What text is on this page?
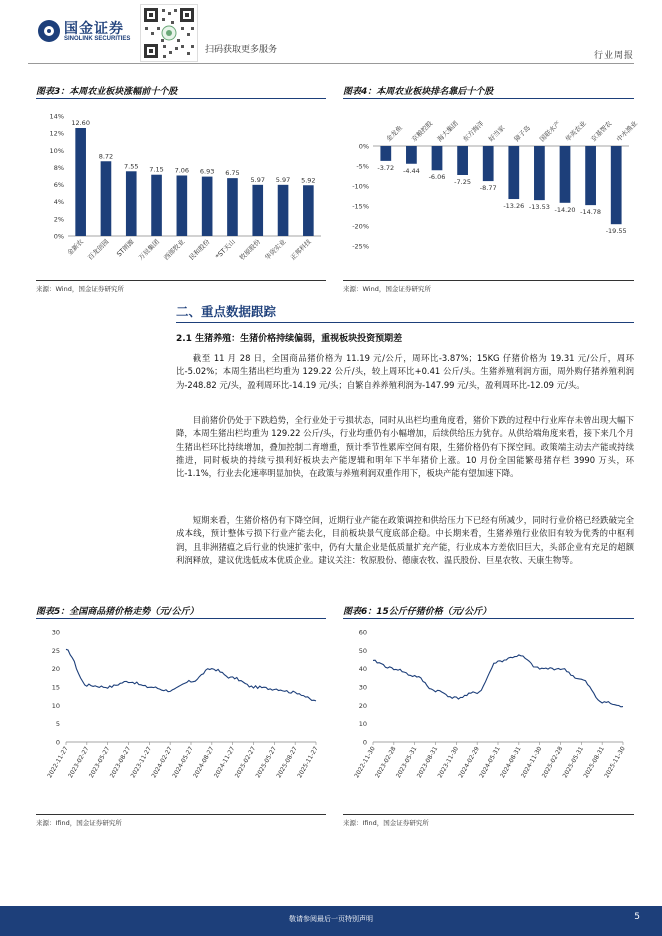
国金证券
SINOLINK SECURITIES
扫码获取更多服务
行业周报
图表3：本周农业板块涨幅前十个股
0%
2%
4%
6%
8%
10%
12%
14%
12.60
金新农
8.72
百龙创园
7.55
ST朗源
7.15
万辰集团
7.06
西部牧业
6.93
民和股份
6.75
*ST天山
5.97
牧原股份
5.97
华资实业
5.92
正邦科技
来源：Wind，国金证券研究所
图表4：本周农业板块排名靠后十个股
0%
-5%
-10%
-15%
-20%
-25%
-3.72
金龙鱼
-4.44
京粮控股
-6.06
海大集团
-7.25
东方海洋
-8.77
好当家
-13.26
獐子岛
-13.53
国联水产
-14.20
华英农业
-14.78
京基智农
-19.55
中水渔业
来源：Wind，国金证券研究所
二、重点数据跟踪
2.1 生猪养殖：生猪价格持续偏弱，重视板块投资预期差
截至 11 月 28 日，全国商品猪价格为 11.19 元/公斤，周环比-3.87%；15KG 仔猪价格为 19.31 元/公斤，周环比-5.02%；本周生猪出栏均重为 129.22 公斤/头，较上周环比+0.41 公斤/头。生猪养殖利润方面，周外购仔猪养殖利润为-248.82 元/头，盈利周环比-14.19 元/头；自繁自养养殖利润为-147.99 元/头，盈利周环比-12.09 元/头。
目前猪价仍处于下跌趋势，全行业处于亏损状态，同时从出栏均重角度看，猪价下跌的过程中行业库存未曾出现大幅下降，本周生猪出栏均重为 129.22 公斤/头，行业均重仍有小幅增加，后续供给压力犹存。从供给端角度来看，接下来几个月生猪出栏环比持续增加，叠加控制二育增重，预计季节性累库空间有限，生猪价格仍有下探空间。政策端主动去产能或持续推进，同时板块的持续亏损利好板块去产能逻辑和明年下半年猪价上涨。10 月份全国能繁母猪存栏 3990 万头，环比-1.1%，行业去化速率明显加快，在政策与养殖利润双重作用下，板块产能有望加速下降。
短期来看，生猪价格仍有下降空间，近期行业产能在政策调控和供给压力下已经有所减少，同时行业价格已经跌破完全成本线，预计整体亏损下行业产能去化，目前板块景气度底部企稳。中长期来看，生猪养殖行业依旧有较为优秀的中枢利润，且非洲猪瘟之后行业的快速扩张中，仍有大量企业是低质量扩充产能，行业成本方差依旧巨大，头部企业有充足的超额利润释放，建议优选低成本优质企业。建议关注：牧原股份、德康农牧、温氏股份、巨星农牧、天康生物等。
图表5：全国商品猪价格走势（元/公斤）
0
5
10
15
20
25
30
2022-11-27
2023-02-27
2023-05-27
2023-08-27
2023-11-27
2024-02-27
2024-05-27
2024-08-27
2024-11-27
2025-02-27
2025-05-27
2025-08-27
2025-11-27
来源：Ifind，国金证券研究所
图表6：15公斤仔猪价格（元/公斤）
0
10
20
30
40
50
60
2022-11-30
2023-02-28
2023-05-31
2023-08-31
2023-11-30
2024-02-29
2024-05-31
2024-08-31
2024-11-30
2025-02-28
2025-05-31
2025-08-31
2025-11-30
来源：Ifind，国金证券研究所
敬请参阅最后一页特别声明	5
